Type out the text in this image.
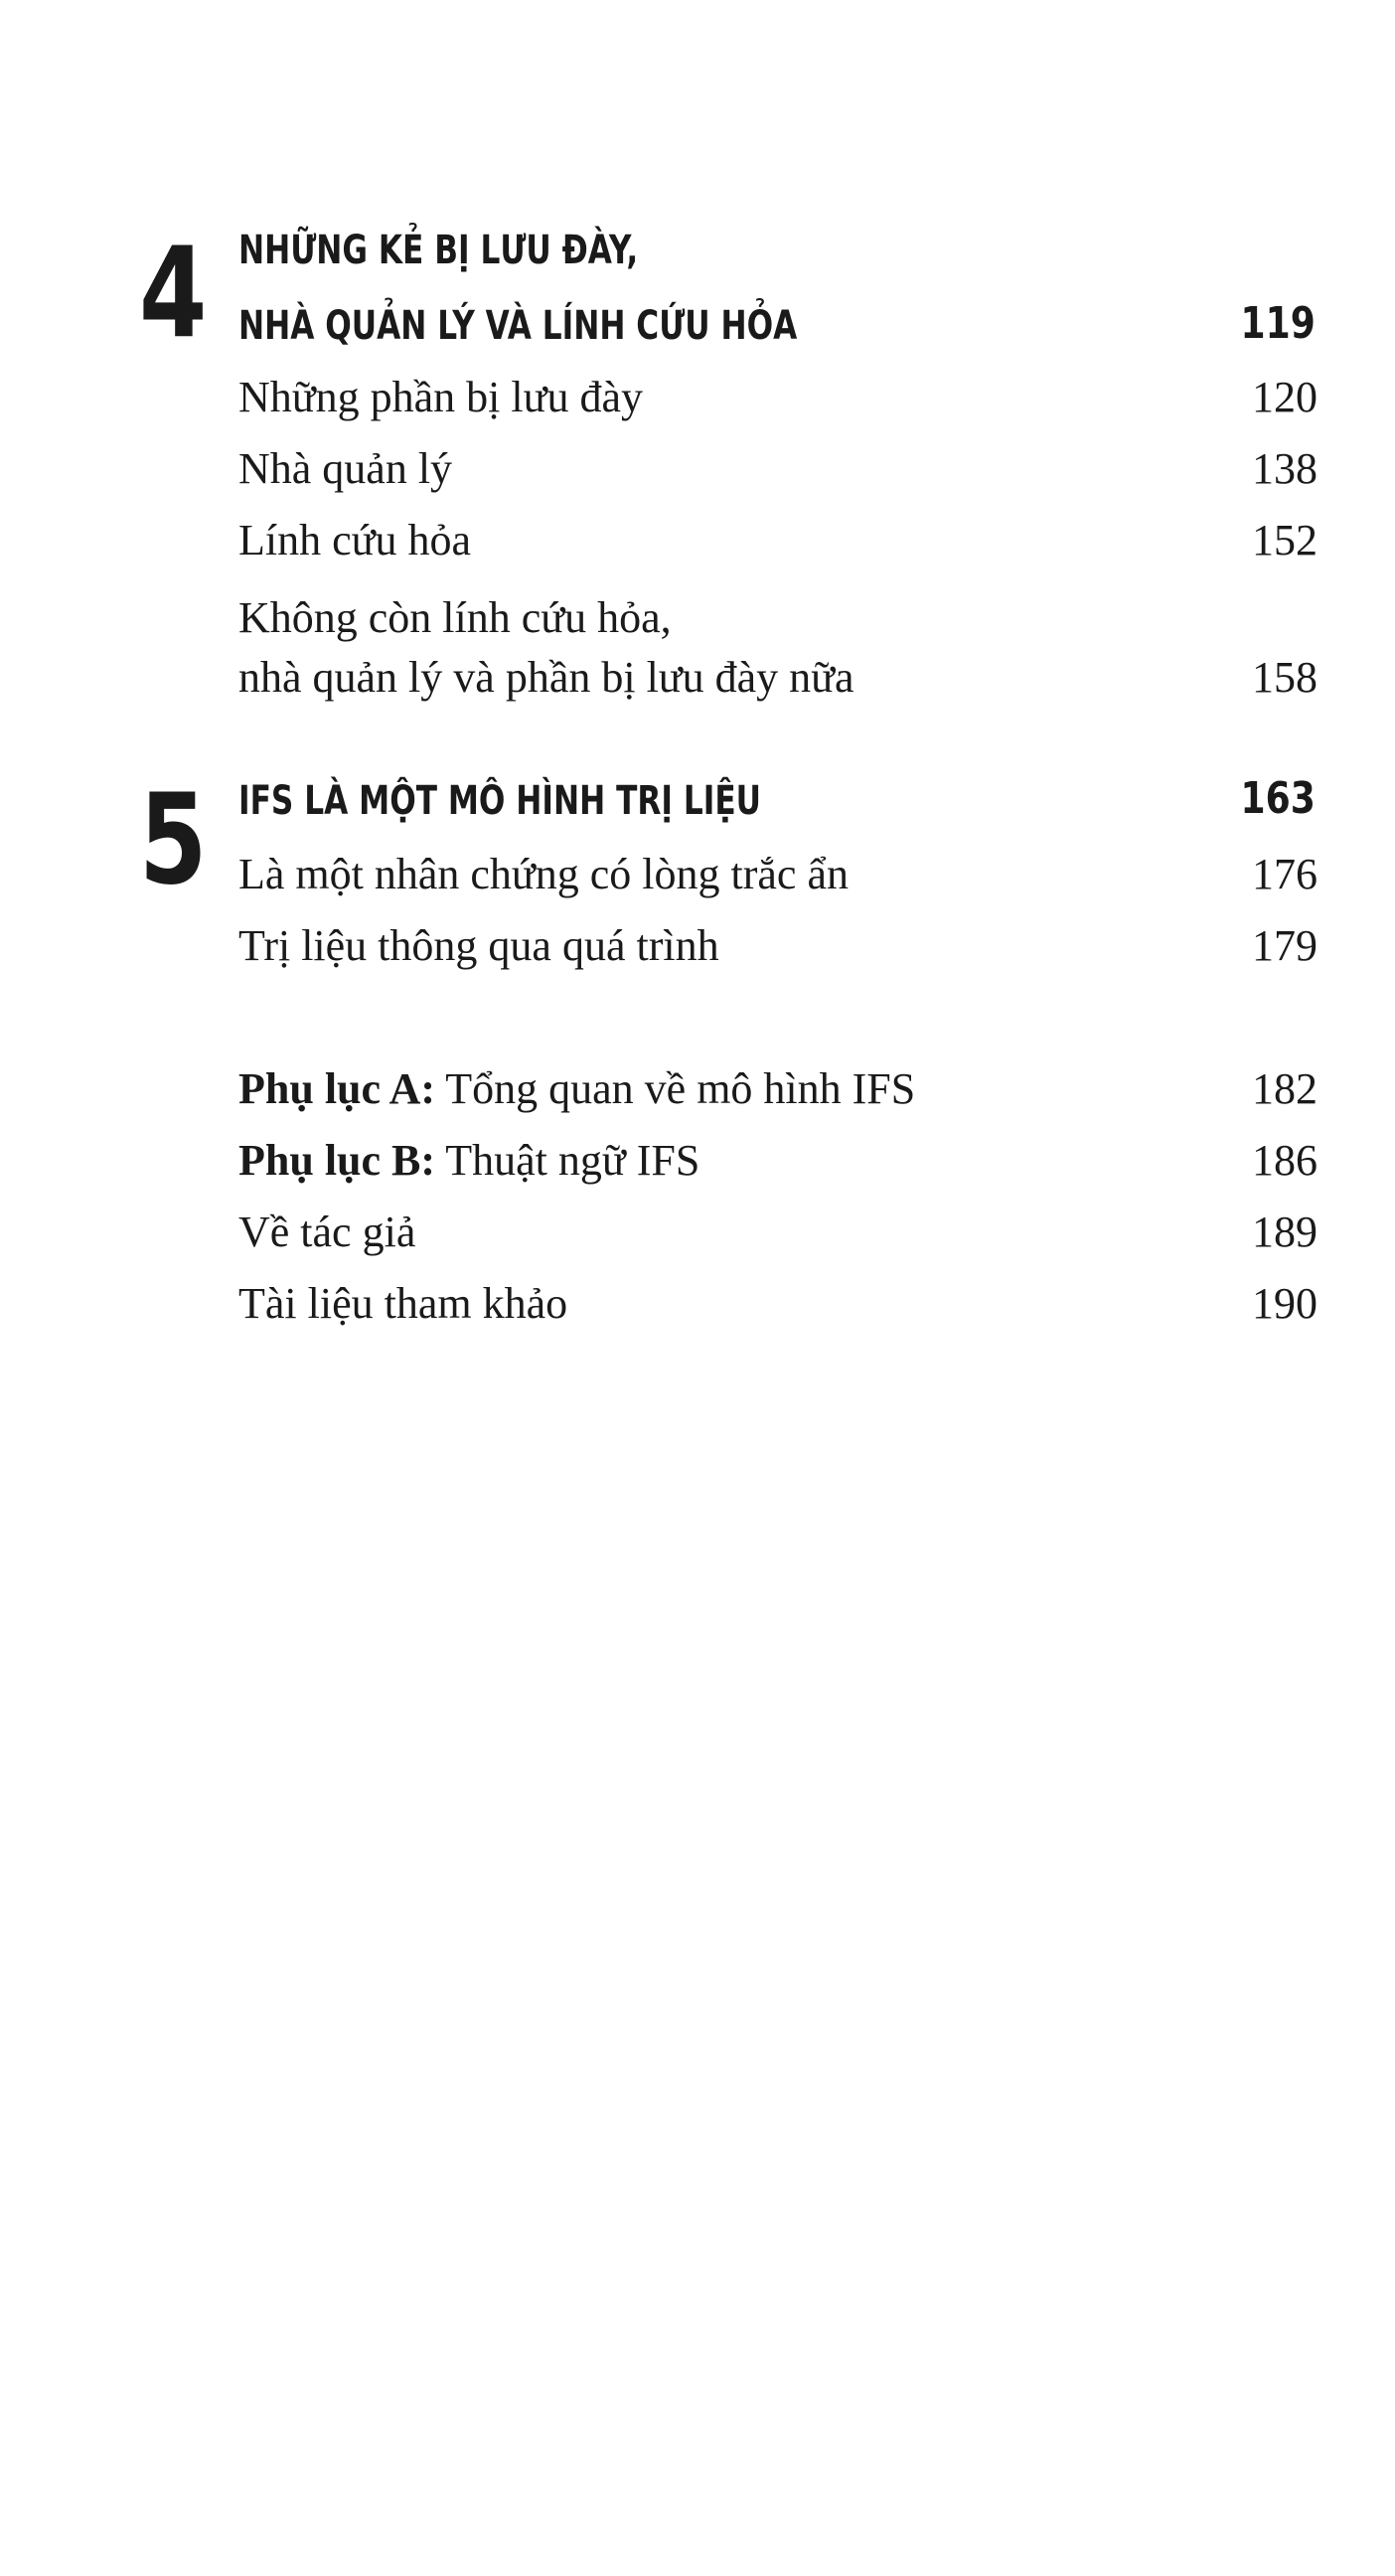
4 NHỮNG KẺ BỊ LƯU ĐÀY,
NHÀ QUẢN LÝ VÀ LÍNH CỨU HỎA	119
Những phần bị lưu đày	120
Nhà quản lý	138
Lính cứu hỏa	152
Không còn lính cứu hỏa,
nhà quản lý và phần bị lưu đày nữa	158
5 IFS LÀ MỘT MÔ HÌNH TRỊ LIỆU	163
Là một nhân chứng có lòng trắc ẩn	176
Trị liệu thông qua quá trình	179
Phụ lục A: Tổng quan về mô hình IFS	182
Phụ lục B: Thuật ngữ IFS	186
Về tác giả	189
Tài liệu tham khảo	190
